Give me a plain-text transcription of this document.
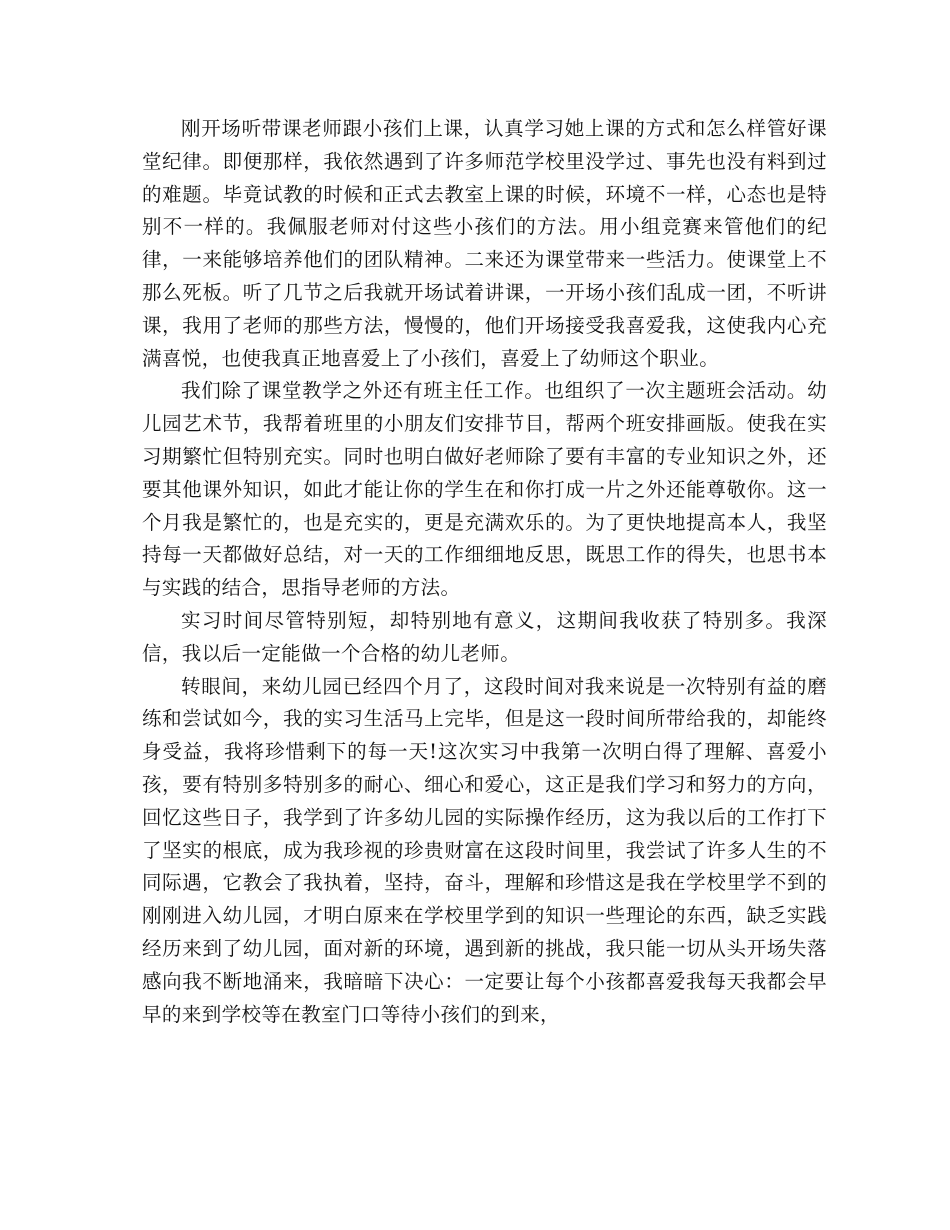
刚开场听带课老师跟小孩们上课，认真学习她上课的方式和怎么样管好课堂纪律。即便那样，我依然遇到了许多师范学校里没学过、事先也没有料到过的难题。毕竟试教的时候和正式去教室上课的时候，环境不一样，心态也是特别不一样的。我佩服老师对付这些小孩们的方法。用小组竞赛来管他们的纪律，一来能够培养他们的团队精神。二来还为课堂带来一些活力。使课堂上不那么死板。听了几节之后我就开场试着讲课，一开场小孩们乱成一团，不听讲课，我用了老师的那些方法，慢慢的，他们开场接受我喜爱我，这使我内心充满喜悦，也使我真正地喜爱上了小孩们，喜爱上了幼师这个职业。

我们除了课堂教学之外还有班主任工作。也组织了一次主题班会活动。幼儿园艺术节，我帮着班里的小朋友们安排节目，帮两个班安排画版。使我在实习期繁忙但特别充实。同时也明白做好老师除了要有丰富的专业知识之外，还要其他课外知识，如此才能让你的学生在和你打成一片之外还能尊敬你。这一个月我是繁忙的，也是充实的，更是充满欢乐的。为了更快地提高本人，我坚持每一天都做好总结，对一天的工作细细地反思，既思工作的得失，也思书本与实践的结合，思指导老师的方法。

实习时间尽管特别短，却特别地有意义，这期间我收获了特别多。我深信，我以后一定能做一个合格的幼儿老师。

转眼间，来幼儿园已经四个月了，这段时间对我来说是一次特别有益的磨练和尝试如今，我的实习生活马上完毕，但是这一段时间所带给我的，却能终身受益，我将珍惜剩下的每一天!这次实习中我第一次明白得了理解、喜爱小孩，要有特别多特别多的耐心、细心和爱心，这正是我们学习和努力的方向，回忆这些日子，我学到了许多幼儿园的实际操作经历，这为我以后的工作打下了坚实的根底，成为我珍视的珍贵财富在这段时间里，我尝试了许多人生的不同际遇，它教会了我执着，坚持，奋斗，理解和珍惜这是我在学校里学不到的刚刚进入幼儿园，才明白原来在学校里学到的知识一些理论的东西，缺乏实践经历来到了幼儿园，面对新的环境，遇到新的挑战，我只能一切从头开场失落感向我不断地涌来，我暗暗下决心：一定要让每个小孩都喜爱我每天我都会早早的来到学校等在教室门口等待小孩们的到来，
